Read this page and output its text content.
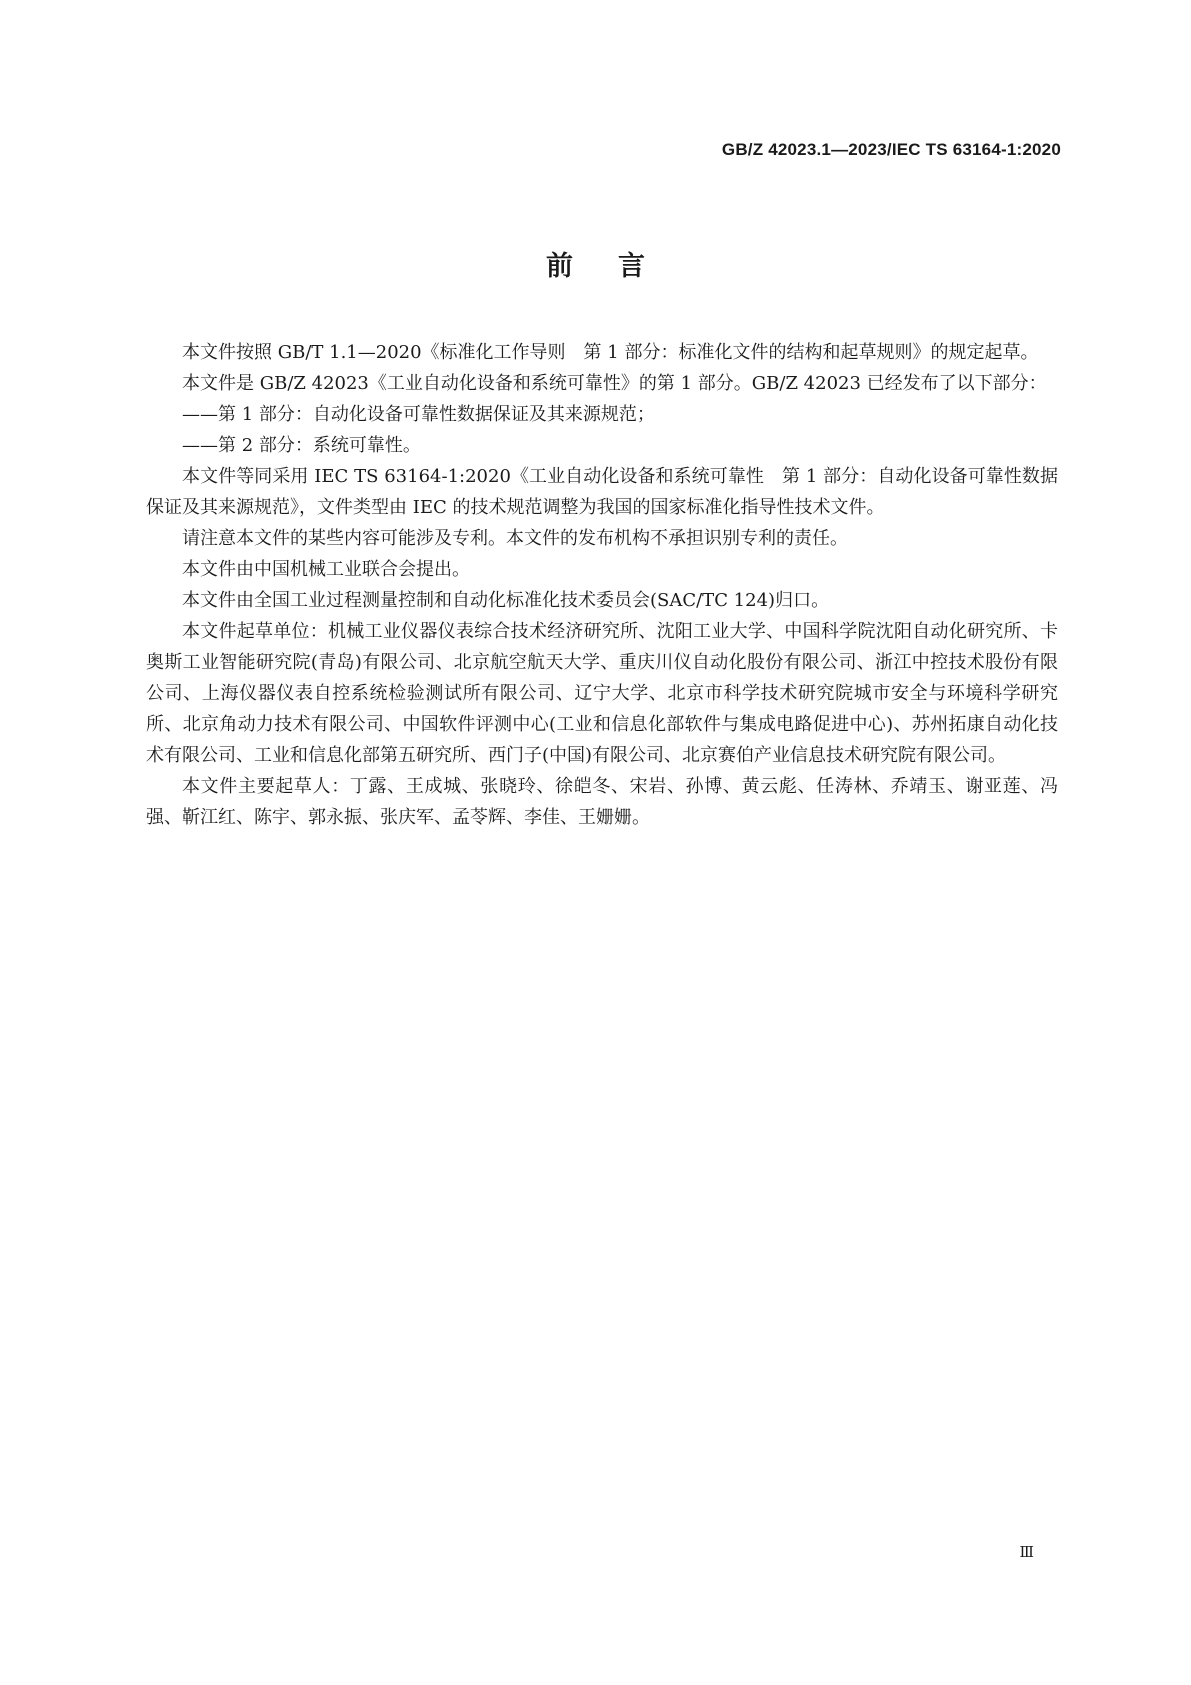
GB/Z 42023.1—2023/IEC TS 63164-1:2020
前言

本文件按照 GB/T 1.1—2020《标准化工作导则　第 1 部分：标准化文件的结构和起草规则》的规定起草。

本文件是 GB/Z 42023《工业自动化设备和系统可靠性》的第 1 部分。GB/Z 42023 已经发布了以下部分：

——第 1 部分：自动化设备可靠性数据保证及其来源规范；

——第 2 部分：系统可靠性。

本文件等同采用 IEC TS 63164-1:2020《工业自动化设备和系统可靠性　第 1 部分：自动化设备可靠性数据保证及其来源规范》，文件类型由 IEC 的技术规范调整为我国的国家标准化指导性技术文件。

请注意本文件的某些内容可能涉及专利。本文件的发布机构不承担识别专利的责任。

本文件由中国机械工业联合会提出。

本文件由全国工业过程测量控制和自动化标准化技术委员会(SAC/TC 124)归口。

本文件起草单位：机械工业仪器仪表综合技术经济研究所、沈阳工业大学、中国科学院沈阳自动化研究所、卡奥斯工业智能研究院(青岛)有限公司、北京航空航天大学、重庆川仪自动化股份有限公司、浙江中控技术股份有限公司、上海仪器仪表自控系统检验测试所有限公司、辽宁大学、北京市科学技术研究院城市安全与环境科学研究所、北京角动力技术有限公司、中国软件评测中心(工业和信息化部软件与集成电路促进中心)、苏州拓康自动化技术有限公司、工业和信息化部第五研究所、西门子(中国)有限公司、北京赛伯产业信息技术研究院有限公司。

本文件主要起草人：丁露、王成城、张晓玲、徐皑冬、宋岩、孙博、黄云彪、任涛林、乔靖玉、谢亚莲、冯强、靳江红、陈宇、郭永振、张庆军、孟苓辉、李佳、王姗姗。

Ⅲ
